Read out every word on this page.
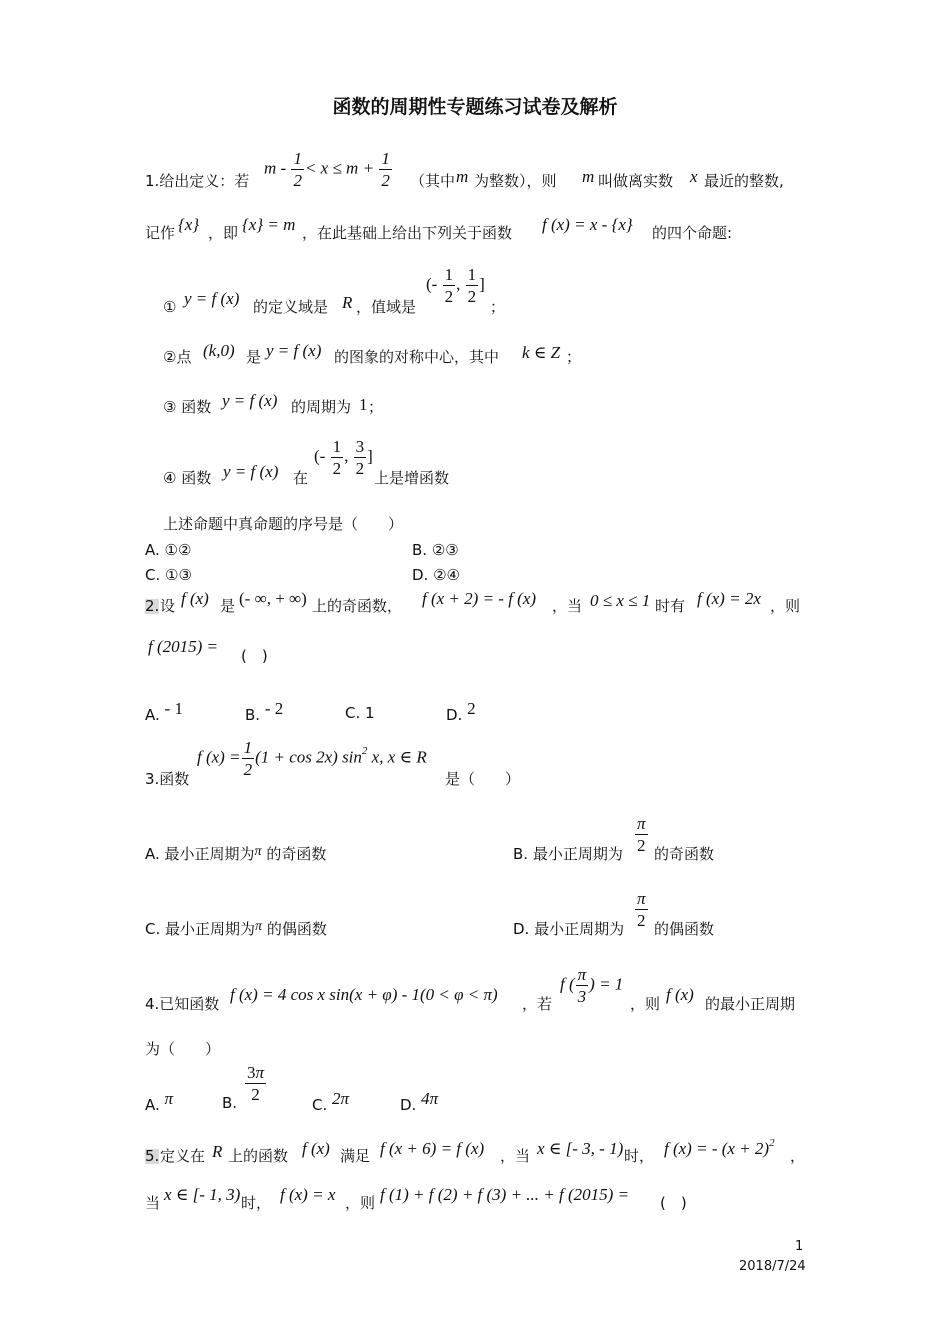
函数的周期性专题练习试卷及解析
1.给出定义：若
$m - \frac{1}{2} < x \le m + \frac{1}{2}$ （其中 m 为整数），则 m 叫做离实数 x 最近的整数,
记作 {x} ，即 {x} = m ，在此基础上给出下列关于函数 f (x) = x - {x} 的四个命题:
① y = f (x) 的定义域是 R ，值域是
(- $\frac{1}{2}$ , $\frac{1}{2}$ ]
；
②点 (k,0) 是 y = f (x) 的图象的对称中心，其中 k ∈ Z ；
③ 函数 y = f (x) 的周期为 1 ；
④ 函数 y = f (x) 在
(- $\frac{1}{2}$ , $\frac{3}{2}$ ]
上是增函数
上述命题中真命题的序号是（　　）
A. ①②	B. ②③
C. ①③	D. ②④
2. 设 f (x) 是 (- ∞, + ∞) 上的奇函数， f (x + 2) = - f (x) ，当 0 ≤ x ≤ 1 时有 f (x) = 2x ，则
f (2015) = (　)
A. - 1	B. - 2	C. 1	D. 2
3.函数
f $(x) = \frac{1}{2} (1 + \cos 2x)$ $\sin^2 x$, x ∈ R
是（　　）
A. 最小正周期为π 的奇函数	B. 最小正周期为 $\frac{\pi}{2}$ 的奇函数
C. 最小正周期为π 的偶函数	D. 最小正周期为 $\frac{\pi}{2}$ 的偶函数
4.已知函数 f (x) = 4 cos x sin(x + φ) - 1(0 < φ < π) ，若
f ( $\frac{\pi}{3}$ ) = 1
，则 f (x) 的最小正周期
为（　　）
A. π	B. $\frac{3\pi}{2}$
C. 2π	D. 4π
5. 定义在 R 上的函数 f (x) 满足 f (x + 6) = f (x) ，当 x ∈ [- 3, - 1) 时， f (x) = - $(x + 2)^2$
，
当 x ∈ [- 1, 3) 时， f (x) = x ，则 f (1) + f (2) + f (3) + ... + f (2015) = (　)
1
2018/7/24
